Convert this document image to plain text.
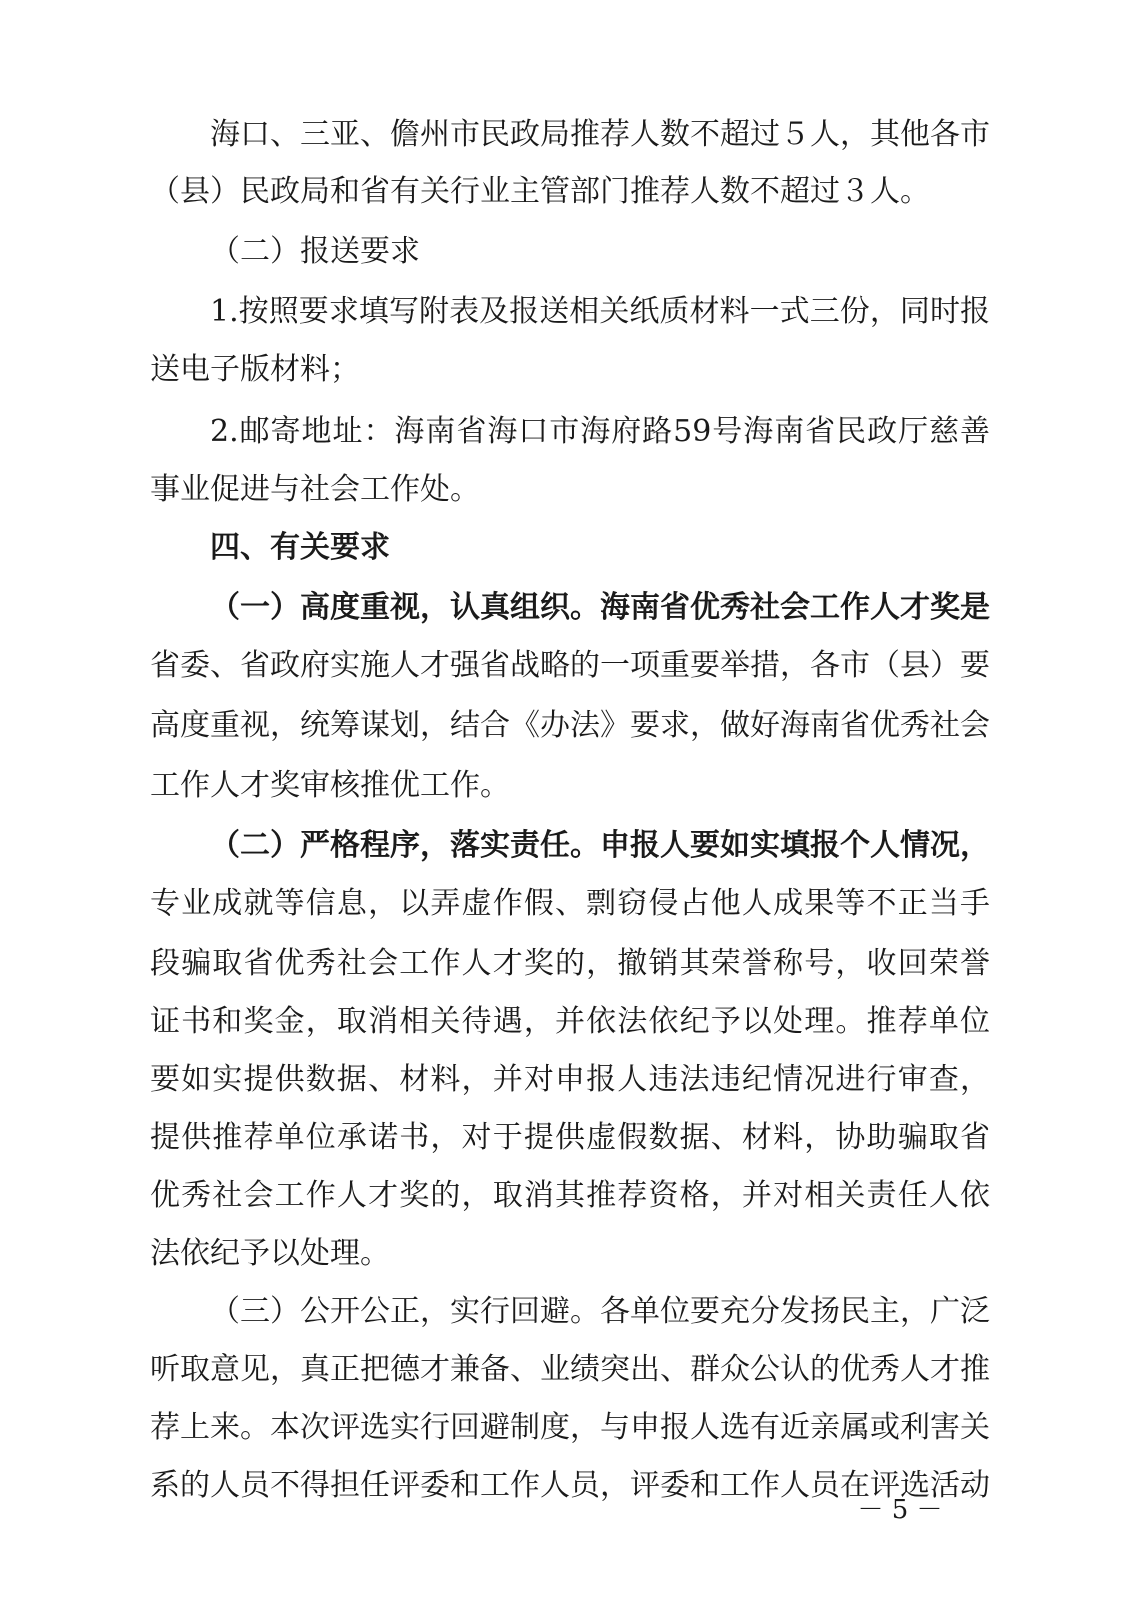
海口、三亚、儋州市民政局推荐人数不超过５人，其他各市
（县）民政局和省有关行业主管部门推荐人数不超过３人。
（二）报送要求
1.按照要求填写附表及报送相关纸质材料一式三份，同时报
送电子版材料；
2.邮寄地址：海南省海口市海府路59号海南省民政厅慈善
事业促进与社会工作处。
四、有关要求
（一）高度重视，认真组织。海南省优秀社会工作人才奖是
省委、省政府实施人才强省战略的一项重要举措，各市（县）要
高度重视，统筹谋划，结合《办法》要求，做好海南省优秀社会
工作人才奖审核推优工作。
（二）严格程序，落实责任。申报人要如实填报个人情况，
专业成就等信息，以弄虚作假、剽窃侵占他人成果等不正当手
段骗取省优秀社会工作人才奖的，撤销其荣誉称号，收回荣誉
证书和奖金，取消相关待遇，并依法依纪予以处理。推荐单位
要如实提供数据、材料，并对申报人违法违纪情况进行审查，
提供推荐单位承诺书，对于提供虚假数据、材料，协助骗取省
优秀社会工作人才奖的，取消其推荐资格，并对相关责任人依
法依纪予以处理。
（三）公开公正，实行回避。各单位要充分发扬民主，广泛
听取意见，真正把德才兼备、业绩突出、群众公认的优秀人才推
荐上来。本次评选实行回避制度，与申报人选有近亲属或利害关
系的人员不得担任评委和工作人员，评委和工作人员在评选活动
－ 5 －
